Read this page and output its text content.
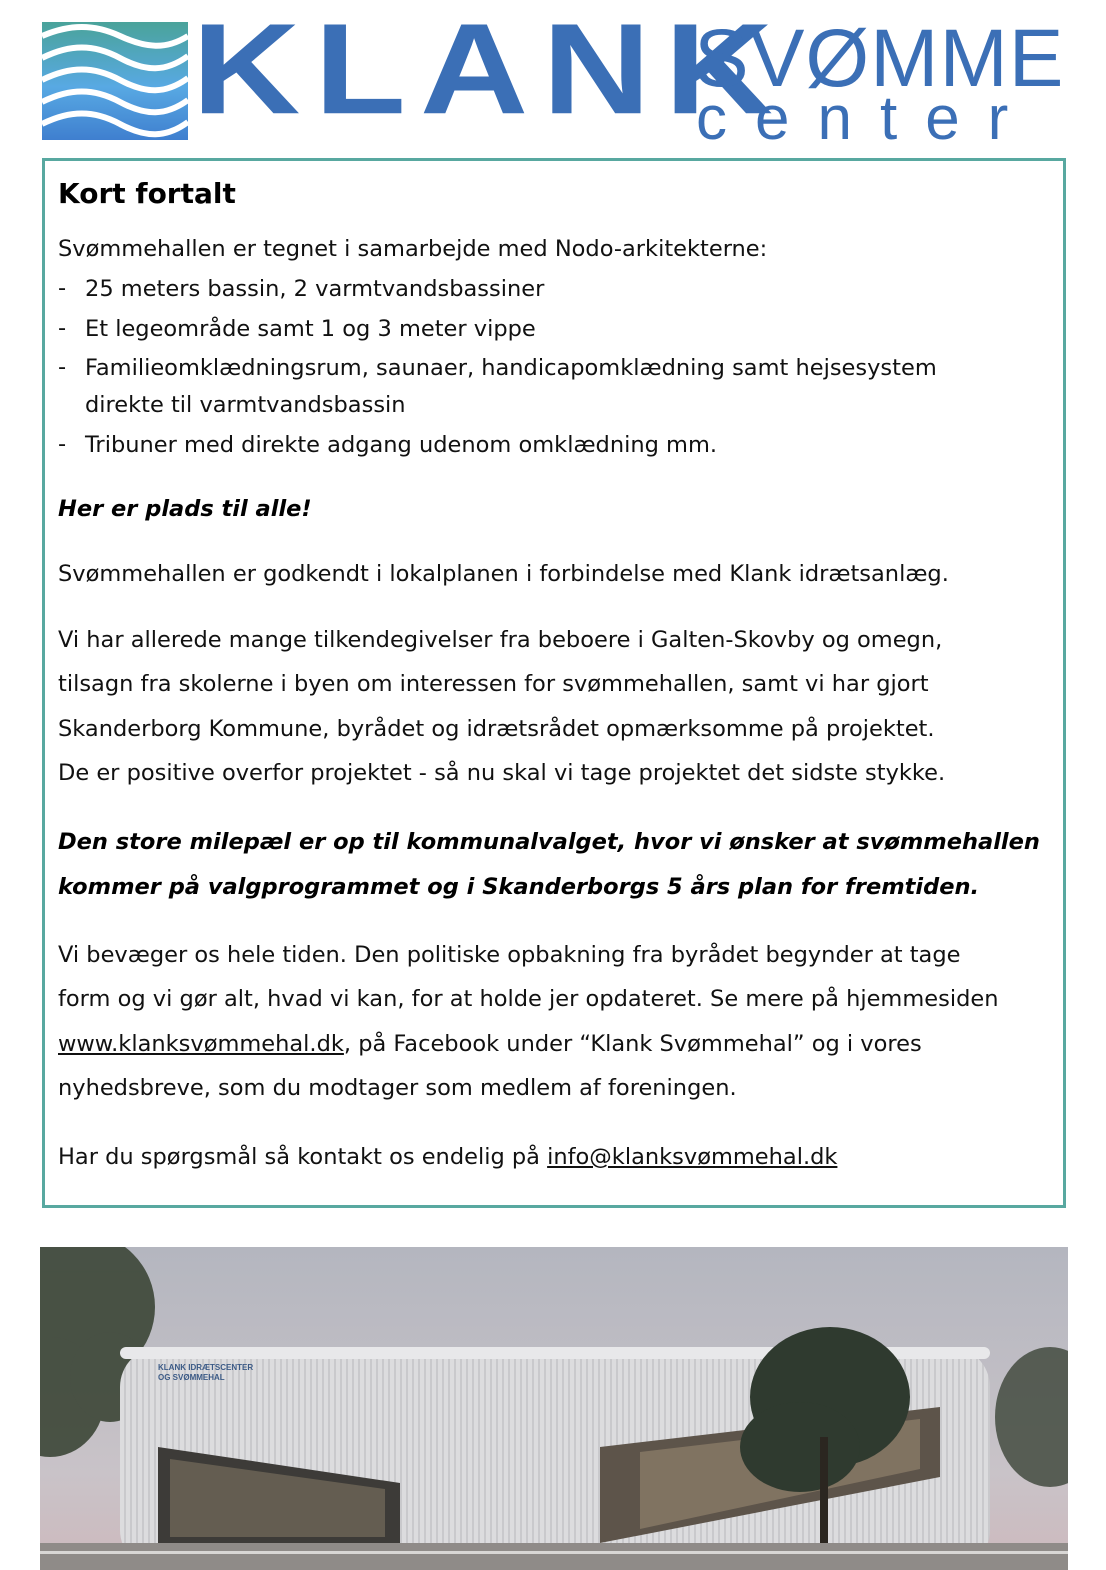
KLANK
SVØMME
center
Kort fortalt
Svømmehallen er tegnet i samarbejde med Nodo-arkitekterne:
- 25 meters bassin, 2 varmtvandsbassiner
- Et legeområde samt 1 og 3 meter vippe
- Familieomklædningsrum, saunaer, handicapomklædning samt hejsesystem
direkte til varmtvandsbassin
- Tribuner med direkte adgang udenom omklædning mm.
Her er plads til alle!
Svømmehallen er godkendt i lokalplanen i forbindelse med Klank idrætsanlæg.
Vi har allerede mange tilkendegivelser fra beboere i Galten-Skovby og omegn,
tilsagn fra skolerne i byen om interessen for svømmehallen, samt vi har gjort
Skanderborg Kommune, byrådet og idrætsrådet opmærksomme på projektet.
De er positive overfor projektet - så nu skal vi tage projektet det sidste stykke.
Den store milepæl er op til kommunalvalget, hvor vi ønsker at svømmehallen
kommer på valgprogrammet og i Skanderborgs 5 års plan for fremtiden.
Vi bevæger os hele tiden. Den politiske opbakning fra byrådet begynder at tage
form og vi gør alt, hvad vi kan, for at holde jer opdateret. Se mere på hjemmesiden
www.klanksvømmehal.dk, på Facebook under “Klank Svømmehal” og i vores
nyhedsbreve, som du modtager som medlem af foreningen.
Har du spørgsmål så kontakt os endelig på info@klanksvømmehal.dk
KLANK IDRÆTSCENTER
OG SVØMMEHAL
